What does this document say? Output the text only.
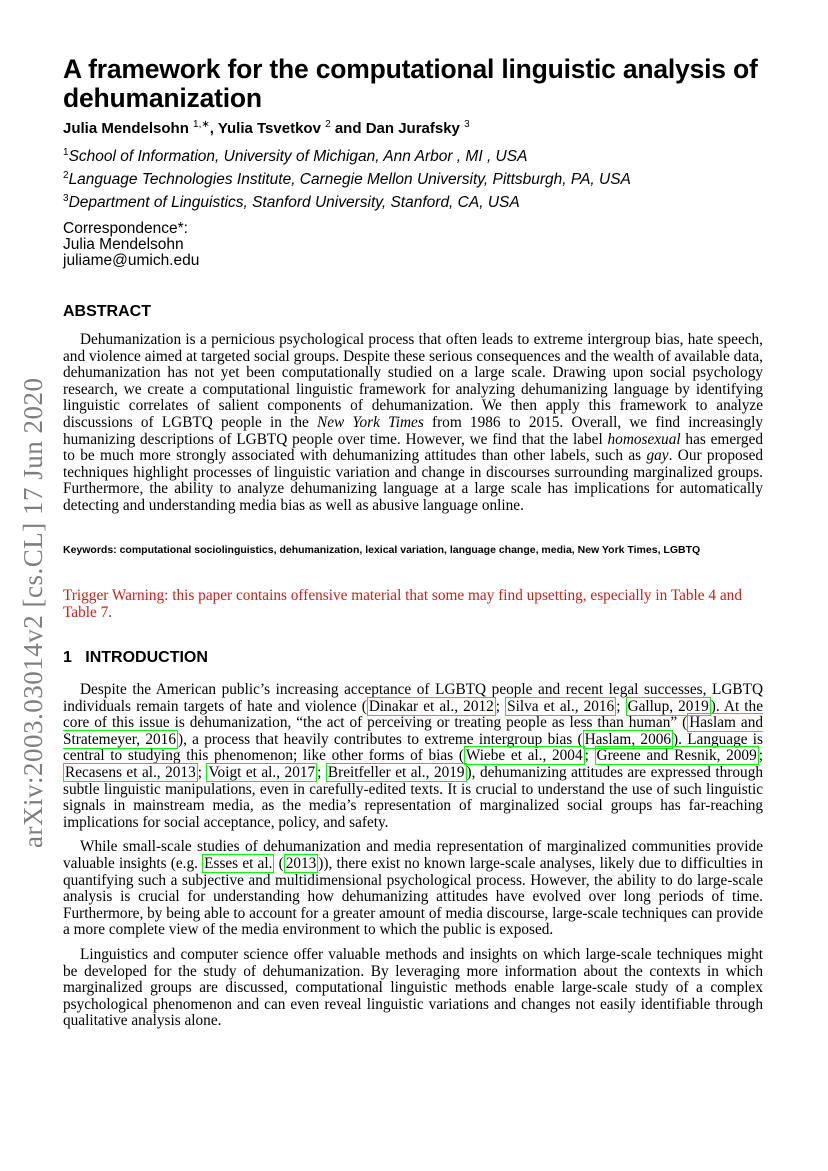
arXiv:2003.03014v2 [cs.CL] 17 Jun 2020
A framework for the computational linguistic analysis of dehumanization
Julia Mendelsohn $^{1,∗}$, Yulia Tsvetkov $^2$ and Dan Jurafsky $^3$
$^1$School of Information, University of Michigan, Ann Arbor , MI , USA
$^2$Language Technologies Institute, Carnegie Mellon University, Pittsburgh, PA, USA
$^3$Department of Linguistics, Stanford University, Stanford, CA, USA
Correspondence*:
Julia Mendelsohn
juliame@umich.edu
ABSTRACT

Dehumanization is a pernicious psychological process that often leads to extreme intergroup bias, hate speech, and violence aimed at targeted social groups. Despite these serious consequences and the wealth of available data, dehumanization has not yet been computationally studied on a large scale. Drawing upon social psychology research, we create a computational linguistic framework for analyzing dehumanizing language by identifying linguistic correlates of salient components of dehumanization. We then apply this framework to analyze discussions of LGBTQ people in the New York Times from 1986 to 2015. Overall, we find increasingly humanizing descriptions of LGBTQ people over time. However, we find that the label homosexual has emerged to be much more strongly associated with dehumanizing attitudes than other labels, such as gay. Our proposed techniques highlight processes of linguistic variation and change in discourses surrounding marginalized groups. Furthermore, the ability to analyze dehumanizing language at a large scale has implications for automatically detecting and understanding media bias as well as abusive language online.

Keywords: computational sociolinguistics, dehumanization, lexical variation, language change, media, New York Times, LGBTQ
Trigger Warning: this paper contains offensive material that some may find upsetting, especially in Table 4 and Table 7.
1 INTRODUCTION

Despite the American public’s increasing acceptance of LGBTQ people and recent legal successes, LGBTQ individuals remain targets of hate and violence ( Dinakar et al., 2012 ; Silva et al., 2016 ; Gallup, 2019 ). At the core of this issue is dehumanization, “the act of perceiving or treating people as less than human” ( Haslam and Stratemeyer, 2016 ), a process that heavily contributes to extreme intergroup bias ( Haslam, 2006 ). Language is central to studying this phenomenon; like other forms of bias ( Wiebe et al., 2004 ; Greene and Resnik, 2009 ; Recasens et al., 2013 ; Voigt et al., 2017 ; Breitfeller et al., 2019 ), dehumanizing attitudes are expressed through subtle linguistic manipulations, even in carefully-edited texts. It is crucial to understand the use of such linguistic signals in mainstream media, as the media’s representation of marginalized social groups has far-reaching implications for social acceptance, policy, and safety.

While small-scale studies of dehumanization and media representation of marginalized communities provide valuable insights (e.g. Esses et al. ( 2013 )), there exist no known large-scale analyses, likely due to difficulties in quantifying such a subjective and multidimensional psychological process. However, the ability to do large-scale analysis is crucial for understanding how dehumanizing attitudes have evolved over long periods of time. Furthermore, by being able to account for a greater amount of media discourse, large-scale techniques can provide a more complete view of the media environment to which the public is exposed.

Linguistics and computer science offer valuable methods and insights on which large-scale techniques might be developed for the study of dehumanization. By leveraging more information about the contexts in which marginalized groups are discussed, computational linguistic methods enable large-scale study of a complex psychological phenomenon and can even reveal linguistic variations and changes not easily identifiable through qualitative analysis alone.
